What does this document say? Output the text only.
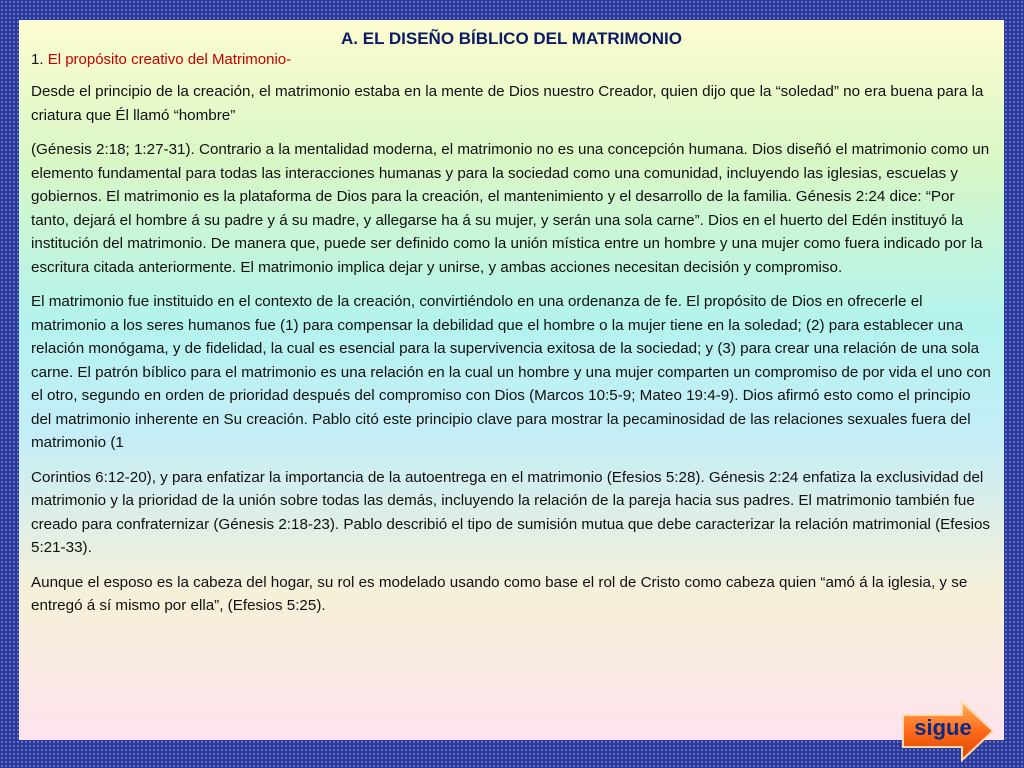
A. EL DISEÑO BÍBLICO DEL MATRIMONIO

1. El propósito creativo del Matrimonio-

Desde el principio de la creación, el matrimonio estaba en la mente de Dios nuestro Creador, quien dijo que la “soledad” no era buena para la criatura que Él llamó “hombre”

(Génesis 2:18; 1:27-31). Contrario a la mentalidad moderna, el matrimonio no es una concepción humana. Dios diseñó el matrimonio como un elemento fundamental para todas las interacciones humanas y para la sociedad como una comunidad, incluyendo las iglesias, escuelas y gobiernos. El matrimonio es la plataforma de Dios para la creación, el mantenimiento y el desarrollo de la familia. Génesis 2:24 dice: “Por tanto, dejará el hombre á su padre y á su madre, y allegarse ha á su mujer, y serán una sola carne”. Dios en el huerto del Edén instituyó la institución del matrimonio. De manera que, puede ser definido como la unión mística entre un hombre y una mujer como fuera indicado por la escritura citada anteriormente. El matrimonio implica dejar y unirse, y ambas acciones necesitan decisión y compromiso.

El matrimonio fue instituido en el contexto de la creación, convirtiéndolo en una ordenanza de fe. El propósito de Dios en ofrecerle el matrimonio a los seres humanos fue (1) para compensar la debilidad que el hombre o la mujer tiene en la soledad; (2) para establecer una relación monógama, y de fidelidad, la cual es esencial para la supervivencia exitosa de la sociedad; y (3) para crear una relación de una sola carne. El patrón bíblico para el matrimonio es una relación en la cual un hombre y una mujer comparten un compromiso de por vida el uno con el otro, segundo en orden de prioridad después del compromiso con Dios (Marcos 10:5-9; Mateo 19:4-9). Dios afirmó esto como el principio del matrimonio inherente en Su creación. Pablo citó este principio clave para mostrar la pecaminosidad de las relaciones sexuales fuera del matrimonio (1

Corintios 6:12-20), y para enfatizar la importancia de la autoentrega en el matrimonio (Efesios 5:28). Génesis 2:24 enfatiza la exclusividad del matrimonio y la prioridad de la unión sobre todas las demás, incluyendo la relación de la pareja hacia sus padres. El matrimonio también fue creado para confraternizar (Génesis 2:18-23). Pablo describió el tipo de sumisión mutua que debe caracterizar la relación matrimonial (Efesios 5:21-33).

Aunque el esposo es la cabeza del hogar, su rol es modelado usando como base el rol de Cristo como cabeza quien “amó á la iglesia, y se entregó á sí mismo por ella”, (Efesios 5:25).

sigue
